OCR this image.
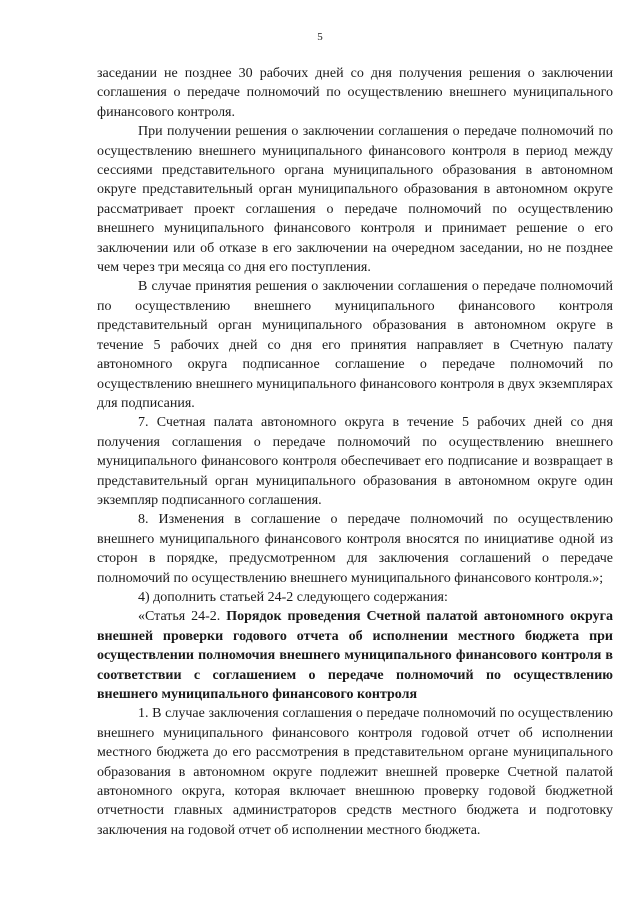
5

заседании не позднее 30 рабочих дней со дня получения решения о заключении соглашения о передаче полномочий по осуществлению внешнего муниципального финансового контроля.

При получении решения о заключении соглашения о передаче полномочий по осуществлению внешнего муниципального финансового контроля в период между сессиями представительного органа муниципального образования в автономном округе представительный орган муниципального образования в автономном округе рассматривает проект соглашения о передаче полномочий по осуществлению внешнего муниципального финансового контроля и принимает решение о его заключении или об отказе в его заключении на очередном заседании, но не позднее чем через три месяца со дня его поступления.

В случае принятия решения о заключении соглашения о передаче полномочий по осуществлению внешнего муниципального финансового контроля представительный орган муниципального образования в автономном округе в течение 5 рабочих дней со дня его принятия направляет в Счетную палату автономного округа подписанное соглашение о передаче полномочий по осуществлению внешнего муниципального финансового контроля в двух экземплярах для подписания.

7. Счетная палата автономного округа в течение 5 рабочих дней со дня получения соглашения о передаче полномочий по осуществлению внешнего муниципального финансового контроля обеспечивает его подписание и возвращает в представительный орган муниципального образования в автономном округе один экземпляр подписанного соглашения.

8. Изменения в соглашение о передаче полномочий по осуществлению внешнего муниципального финансового контроля вносятся по инициативе одной из сторон в порядке, предусмотренном для заключения соглашений о передаче полномочий по осуществлению внешнего муниципального финансового контроля.»;

4) дополнить статьей 24-2 следующего содержания:

«Статья 24-2. Порядок проведения Счетной палатой автономного округа внешней проверки годового отчета об исполнении местного бюджета при осуществлении полномочия внешнего муниципального финансового контроля в соответствии с соглашением о передаче полномочий по осуществлению внешнего муниципального финансового контроля

1. В случае заключения соглашения о передаче полномочий по осуществлению внешнего муниципального финансового контроля годовой отчет об исполнении местного бюджета до его рассмотрения в представительном органе муниципального образования в автономном округе подлежит внешней проверке Счетной палатой автономного округа, которая включает внешнюю проверку годовой бюджетной отчетности главных администраторов средств местного бюджета и подготовку заключения на годовой отчет об исполнении местного бюджета.
